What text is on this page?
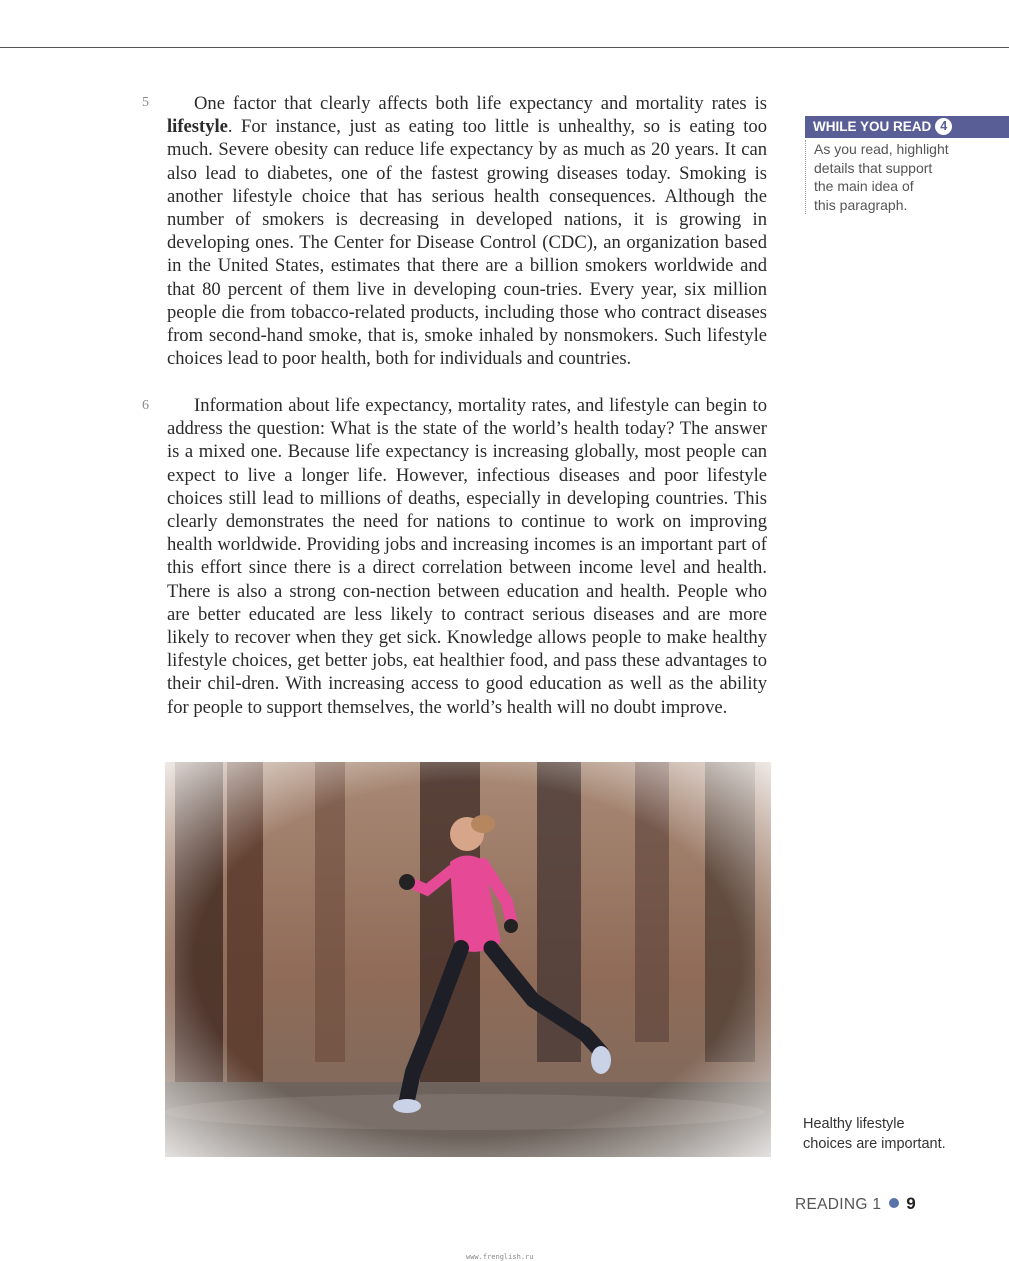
5	One factor that clearly affects both life expectancy and mortality rates is lifestyle. For instance, just as eating too little is unhealthy, so is eating too much. Severe obesity can reduce life expectancy by as much as 20 years. It can also lead to diabetes, one of the fastest growing diseases today. Smoking is another lifestyle choice that has serious health consequences. Although the number of smokers is decreasing in developed nations, it is growing in developing ones. The Center for Disease Control (CDC), an organization based in the United States, estimates that there are a billion smokers worldwide and that 80 percent of them live in developing coun-tries. Every year, six million people die from tobacco-related products, including those who contract diseases from second-hand smoke, that is, smoke inhaled by nonsmokers. Such lifestyle choices lead to poor health, both for individuals and countries.
6	Information about life expectancy, mortality rates, and lifestyle can begin to address the question: What is the state of the world’s health today? The answer is a mixed one. Because life expectancy is increasing globally, most people can expect to live a longer life. However, infectious diseases and poor lifestyle choices still lead to millions of deaths, especially in developing countries. This clearly demonstrates the need for nations to continue to work on improving health worldwide. Providing jobs and increasing incomes is an important part of this effort since there is a direct correlation between income level and health. There is also a strong con-nection between education and health. People who are better educated are less likely to contract serious diseases and are more likely to recover when they get sick. Knowledge allows people to make healthy lifestyle choices, get better jobs, eat healthier food, and pass these advantages to their chil-dren. With increasing access to good education as well as the ability for people to support themselves, the world’s health will no doubt improve.
WHILE YOU READ 4
As you read, highlight
details that support
the main idea of
this paragraph.
Healthy lifestyle
choices are important.
READING 1 9
www.frenglish.ru
